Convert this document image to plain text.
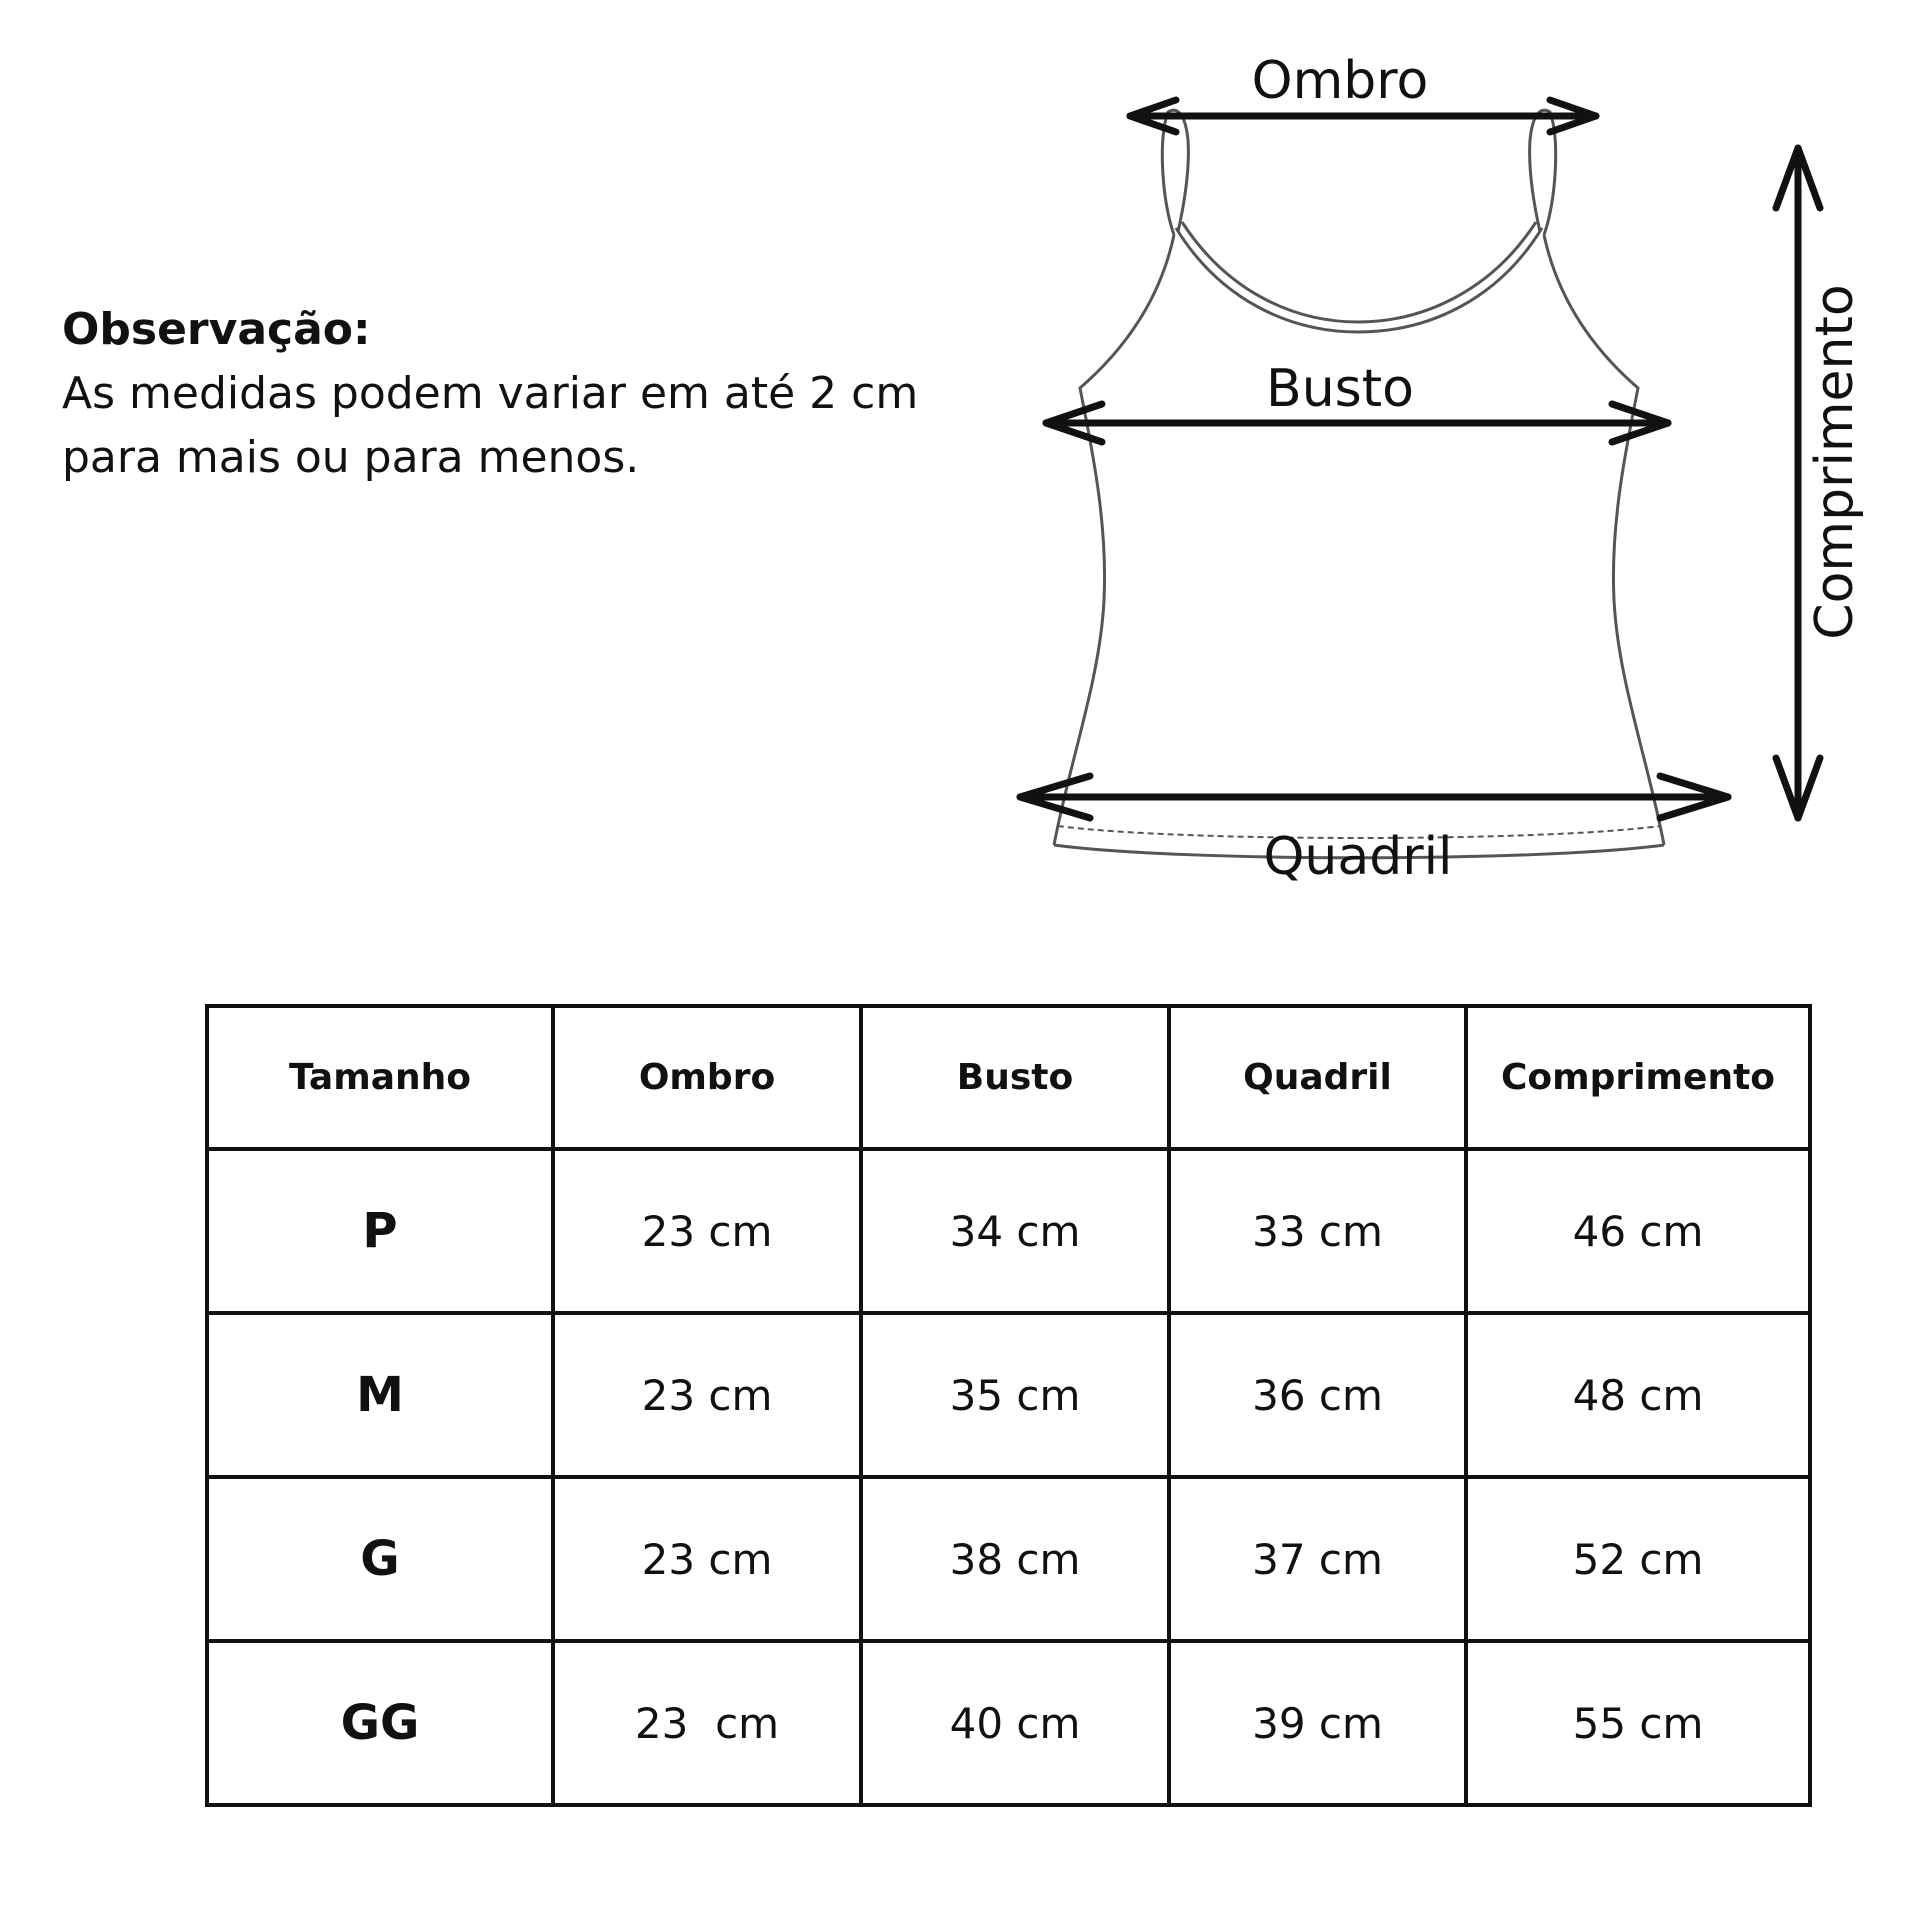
Observação:
As medidas podem variar em até 2 cm
para mais ou para menos.
Ombro
Busto
Quadril
Comprimento
Tamanho	Ombro	Busto	Quadril	Comprimento
P	23 cm	34 cm	33 cm	46 cm
M	23 cm	35 cm	36 cm	48 cm
G	23 cm	38 cm	37 cm	52 cm
GG	23  cm	40 cm	39 cm	55 cm
